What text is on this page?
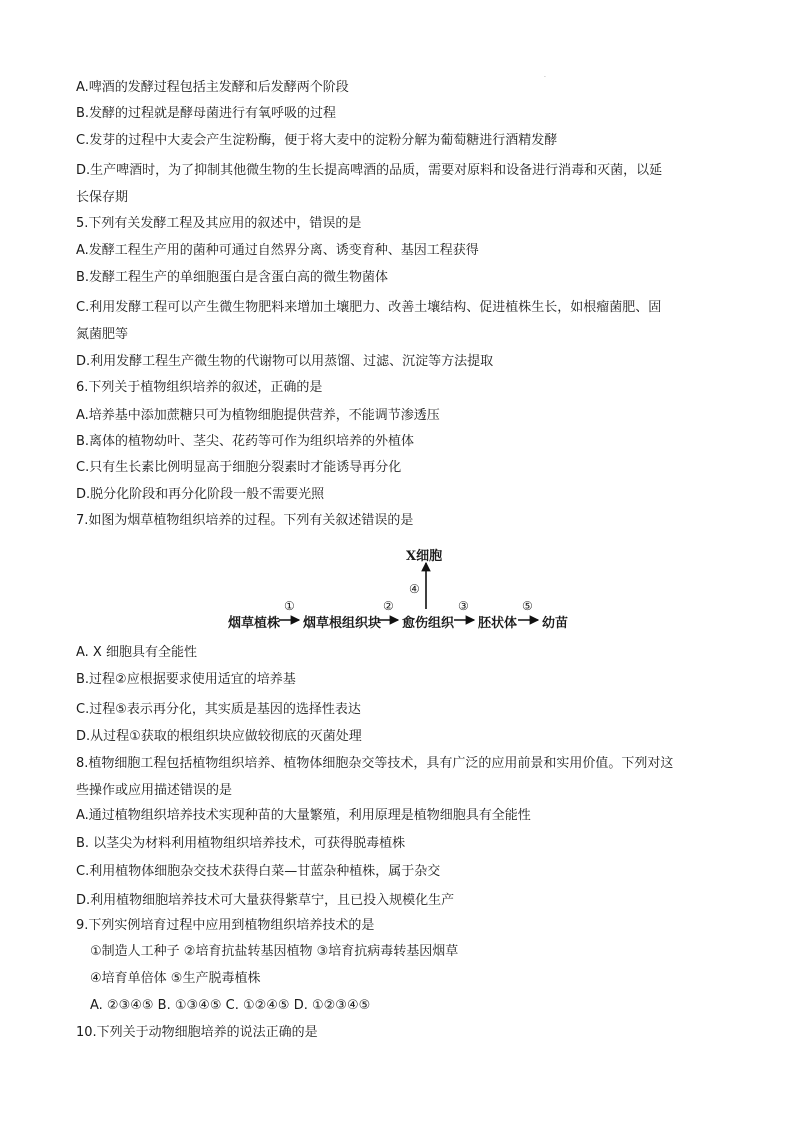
·
A.啤酒的发酵过程包括主发酵和后发酵两个阶段
B.发酵的过程就是酵母菌进行有氧呼吸的过程
C.发芽的过程中大麦会产生淀粉酶，便于将大麦中的淀粉分解为葡萄糖进行酒精发酵
D.生产啤酒时，为了抑制其他微生物的生长提高啤酒的品质，需要对原料和设备进行消毒和灭菌，以延
长保存期
5.下列有关发酵工程及其应用的叙述中，错误的是
A.发酵工程生产用的菌种可通过自然界分离、诱变育种、基因工程获得
B.发酵工程生产的单细胞蛋白是含蛋白高的微生物菌体
C.利用发酵工程可以产生微生物肥料来增加土壤肥力、改善土壤结构、促进植株生长，如根瘤菌肥、固
氮菌肥等
D.利用发酵工程生产微生物的代谢物可以用蒸馏、过滤、沉淀等方法提取
6.下列关于植物组织培养的叙述，正确的是
A.培养基中添加蔗糖只可为植物细胞提供营养，不能调节渗透压
B.离体的植物幼叶、茎尖、花药等可作为组织培养的外植体
C.只有生长素比例明显高于细胞分裂素时才能诱导再分化
D.脱分化阶段和再分化阶段一般不需要光照
7.如图为烟草植物组织培养的过程。下列有关叙述错误的是
A. X 细胞具有全能性
B.过程②应根据要求使用适宜的培养基
C.过程⑤表示再分化，其实质是基因的选择性表达
D.从过程①获取的根组织块应做较彻底的灭菌处理
8.植物细胞工程包括植物组织培养、植物体细胞杂交等技术，具有广泛的应用前景和实用价值。下列对这
些操作或应用描述错误的是
A.通过植物组织培养技术实现种苗的大量繁殖，利用原理是植物细胞具有全能性
B. 以茎尖为材料利用植物组织培养技术，可获得脱毒植株
C.利用植物体细胞杂交技术获得白菜—甘蓝杂种植株，属于杂交
D.利用植物细胞培养技术可大量获得紫草宁，且已投入规模化生产
9.下列实例培育过程中应用到植物组织培养技术的是
①制造人工种子 ②培育抗盐转基因植物 ③培育抗病毒转基因烟草
④培育单倍体 ⑤生产脱毒植株
A. ②③④⑤ B. ①③④⑤ C. ①②④⑤ D. ①②③④⑤
10.下列关于动物细胞培养的说法正确的是
X细胞
④
烟草植株
①
烟草根组织块
②
愈伤组织
③
胚状体
⑤
幼苗
